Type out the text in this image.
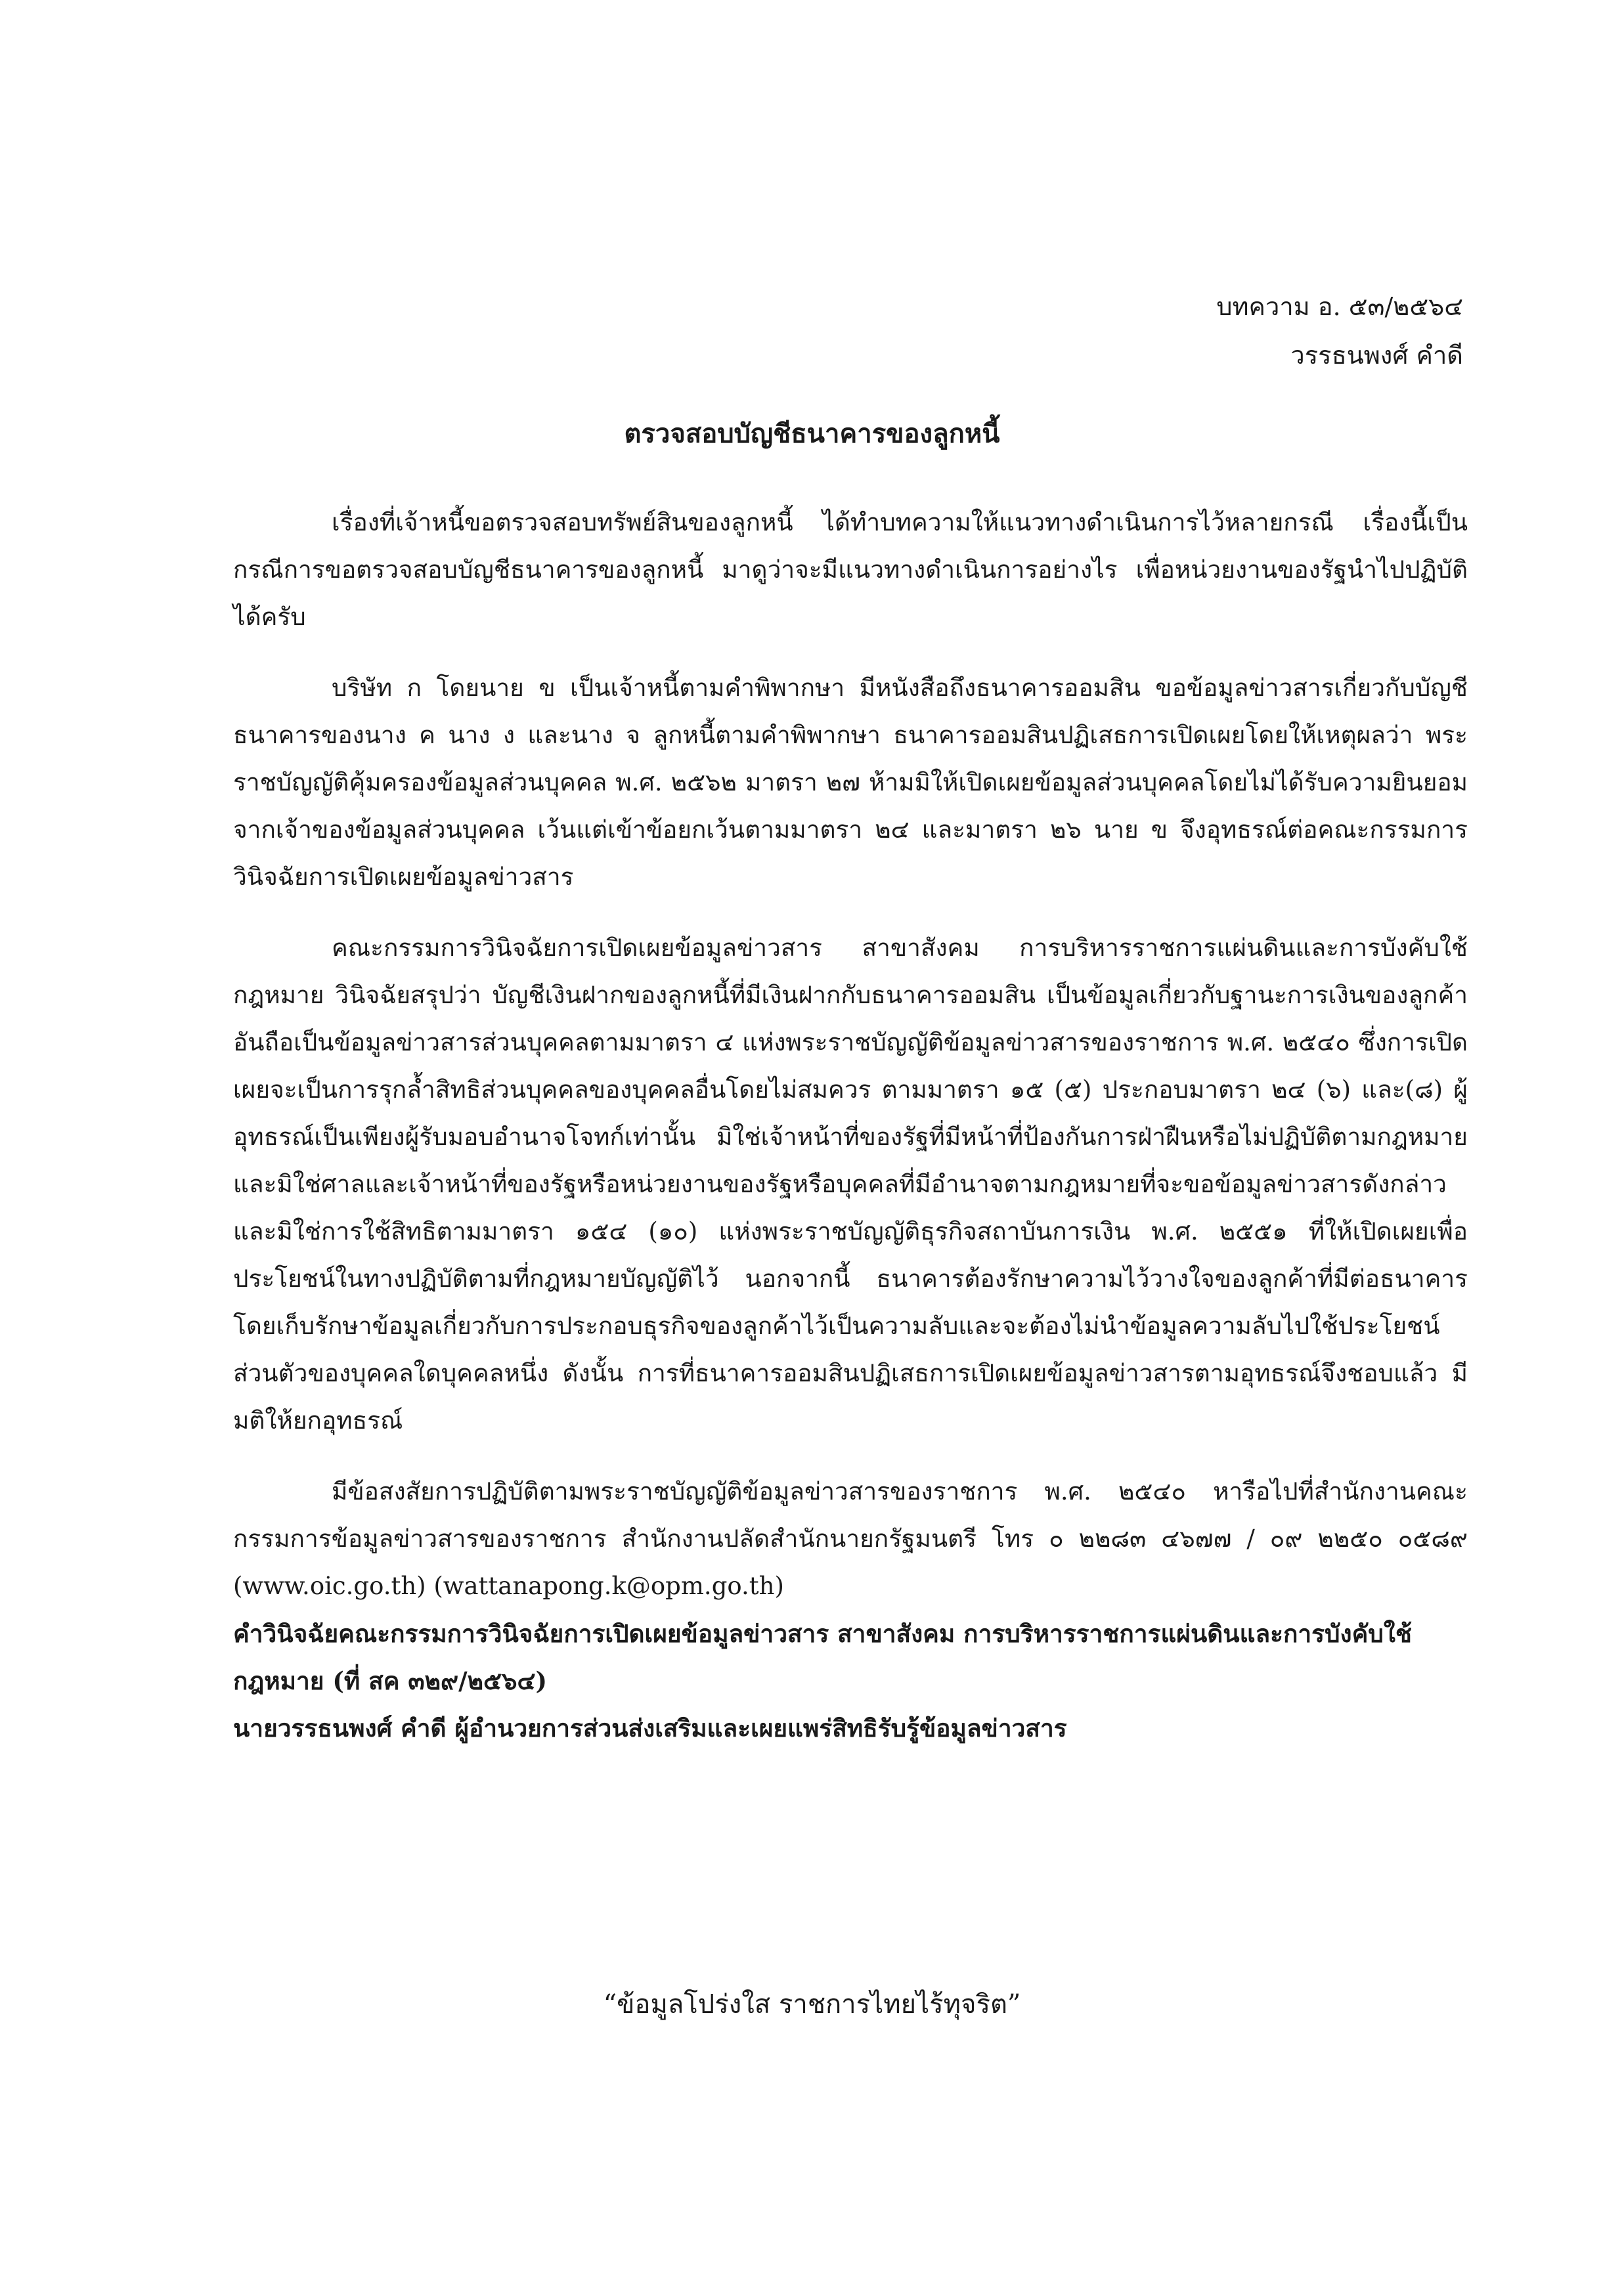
บทความ อ. ๕๓/๒๕๖๔
วรรธนพงศ์ คำดี
ตรวจสอบบัญชีธนาคารของลูกหนี้

เรื่องที่เจ้าหนี้ขอตรวจสอบทรัพย์สินของลูกหนี้ ได้ทำบทความให้แนวทางดำเนินการไว้หลายกรณี เรื่องนี้เป็นกรณีการขอตรวจสอบบัญชีธนาคารของลูกหนี้ มาดูว่าจะมีแนวทางดำเนินการอย่างไร เพื่อหน่วยงานของรัฐนำไปปฏิบัติได้ครับ

บริษัท ก โดยนาย ข เป็นเจ้าหนี้ตามคำพิพากษา มีหนังสือถึงธนาคารออมสิน ขอข้อมูลข่าวสารเกี่ยวกับบัญชีธนาคารของนาง ค นาง ง และนาง จ ลูกหนี้ตามคำพิพากษา ธนาคารออมสินปฏิเสธการเปิดเผยโดยให้เหตุผลว่า พระราชบัญญัติคุ้มครองข้อมูลส่วนบุคคล พ.ศ. ๒๕๖๒ มาตรา ๒๗ ห้ามมิให้เปิดเผยข้อมูลส่วนบุคคลโดยไม่ได้รับความยินยอมจากเจ้าของข้อมูลส่วนบุคคล เว้นแต่เข้าข้อยกเว้นตามมาตรา ๒๔ และมาตรา ๒๖ นาย ข จึงอุทธรณ์ต่อคณะกรรมการวินิจฉัยการเปิดเผยข้อมูลข่าวสาร

คณะกรรมการวินิจฉัยการเปิดเผยข้อมูลข่าวสาร สาขาสังคม การบริหารราชการแผ่นดินและการบังคับใช้กฎหมาย วินิจฉัยสรุปว่า บัญชีเงินฝากของลูกหนี้ที่มีเงินฝากกับธนาคารออมสิน เป็นข้อมูลเกี่ยวกับฐานะการเงินของลูกค้าอันถือเป็นข้อมูลข่าวสารส่วนบุคคลตามมาตรา ๔ แห่งพระราชบัญญัติข้อมูลข่าวสารของราชการ พ.ศ. ๒๕๔๐ ซึ่งการเปิดเผยจะเป็นการรุกล้ำสิทธิส่วนบุคคลของบุคคลอื่นโดยไม่สมควร ตามมาตรา ๑๕ (๕) ประกอบมาตรา ๒๔ (๖) และ(๘) ผู้อุทธรณ์เป็นเพียงผู้รับมอบอำนาจโจทก์เท่านั้น มิใช่เจ้าหน้าที่ของรัฐที่มีหน้าที่ป้องกันการฝ่าฝืนหรือไม่ปฏิบัติตามกฎหมาย และมิใช่ศาลและเจ้าหน้าที่ของรัฐหรือหน่วยงานของรัฐหรือบุคคลที่มีอำนาจตามกฎหมายที่จะขอข้อมูลข่าวสารดังกล่าว และมิใช่การใช้สิทธิตามมาตรา ๑๕๔ (๑๐) แห่งพระราชบัญญัติธุรกิจสถาบันการเงิน พ.ศ. ๒๕๕๑ ที่ให้เปิดเผยเพื่อประโยชน์ในทางปฏิบัติตามที่กฎหมายบัญญัติไว้ นอกจากนี้ ธนาคารต้องรักษาความไว้วางใจของลูกค้าที่มีต่อธนาคาร โดยเก็บรักษาข้อมูลเกี่ยวกับการประกอบธุรกิจของลูกค้าไว้เป็นความลับและจะต้องไม่นำข้อมูลความลับไปใช้ประโยชน์ส่วนตัวของบุคคลใดบุคคลหนึ่ง ดังนั้น การที่ธนาคารออมสินปฏิเสธการเปิดเผยข้อมูลข่าวสารตามอุทธรณ์จึงชอบแล้ว มีมติให้ยกอุทธรณ์

มีข้อสงสัยการปฏิบัติตามพระราชบัญญัติข้อมูลข่าวสารของราชการ พ.ศ. ๒๕๔๐ หารือไปที่สำนักงานคณะกรรมการข้อมูลข่าวสารของราชการ สำนักงานปลัดสำนักนายกรัฐมนตรี โทร ๐ ๒๒๘๓ ๔๖๗๗ / ๐๙ ๒๒๕๐ ๐๕๘๙ (www.oic.go.th) (wattanapong.k@opm.go.th)

คำวินิจฉัยคณะกรรมการวินิจฉัยการเปิดเผยข้อมูลข่าวสาร สาขาสังคม การบริหารราชการแผ่นดินและการบังคับใช้กฎหมาย (ที่ สค ๓๒๙/๒๕๖๔)

นายวรรธนพงศ์ คำดี ผู้อำนวยการส่วนส่งเสริมและเผยแพร่สิทธิรับรู้ข้อมูลข่าวสาร

“ข้อมูลโปร่งใส ราชการไทยไร้ทุจริต”
